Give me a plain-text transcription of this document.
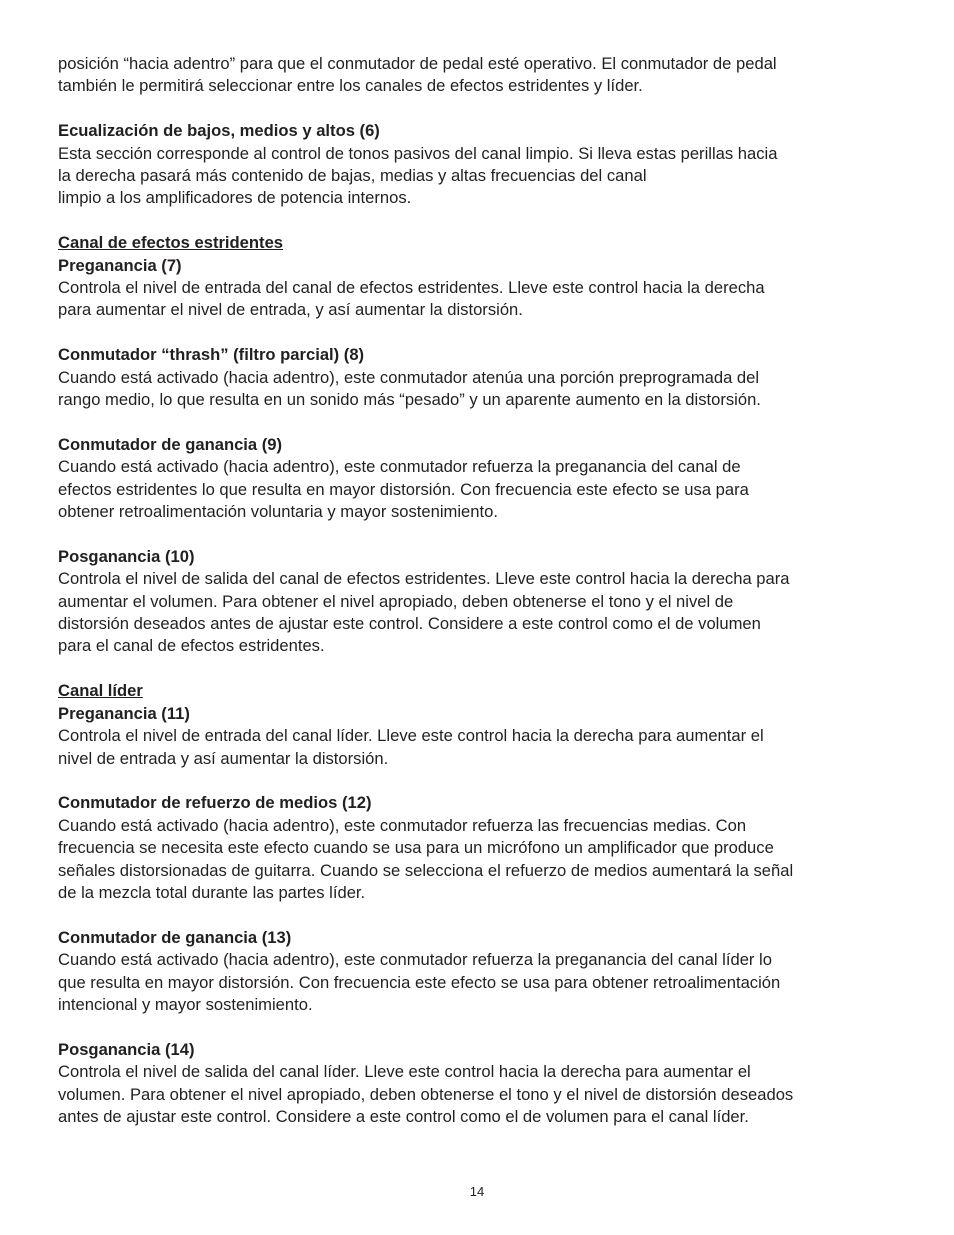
posición “hacia adentro” para que el conmutador de pedal esté operativo. El conmutador de pedal
también le permitirá seleccionar entre los canales de efectos estridentes y líder.
Ecualización de bajos, medios y altos (6)
Esta sección corresponde al control de tonos pasivos del canal limpio. Si lleva estas perillas hacia
la derecha pasará más contenido de bajas, medias y altas frecuencias del canal
limpio a los amplificadores de potencia internos.
Canal de efectos estridentes
Preganancia (7)
Controla el nivel de entrada del canal de efectos estridentes. Lleve este control hacia la derecha
para aumentar el nivel de entrada, y así aumentar la distorsión.
Conmutador “thrash” (filtro parcial) (8)
Cuando está activado (hacia adentro), este conmutador atenúa una porción preprogramada del
rango medio, lo que resulta en un sonido más “pesado” y un aparente aumento en la distorsión.
Conmutador de ganancia (9)
Cuando está activado (hacia adentro), este conmutador refuerza la preganancia del canal de
efectos estridentes lo que resulta en mayor distorsión. Con frecuencia este efecto se usa para
obtener retroalimentación voluntaria y mayor sostenimiento.
Posganancia (10)
Controla el nivel de salida del canal de efectos estridentes. Lleve este control hacia la derecha para
aumentar el volumen. Para obtener el nivel apropiado, deben obtenerse el tono y el nivel de
distorsión deseados antes de ajustar este control. Considere a este control como el de volumen
para el canal de efectos estridentes.
Canal líder
Preganancia (11)
Controla el nivel de entrada del canal líder. Lleve este control hacia la derecha para aumentar el
nivel de entrada y así aumentar la distorsión.
Conmutador de refuerzo de medios (12)
Cuando está activado (hacia adentro), este conmutador refuerza las frecuencias medias. Con
frecuencia se necesita este efecto cuando se usa para un micrófono un amplificador que produce
señales distorsionadas de guitarra. Cuando se selecciona el refuerzo de medios aumentará la señal
de la mezcla total durante las partes líder.
Conmutador de ganancia (13)
Cuando está activado (hacia adentro), este conmutador refuerza la preganancia del canal líder lo
que resulta en mayor distorsión. Con frecuencia este efecto se usa para obtener retroalimentación
intencional y mayor sostenimiento.
Posganancia (14)
Controla el nivel de salida del canal líder. Lleve este control hacia la derecha para aumentar el
volumen. Para obtener el nivel apropiado, deben obtenerse el tono y el nivel de distorsión deseados
antes de ajustar este control. Considere a este control como el de volumen para el canal líder.
14
